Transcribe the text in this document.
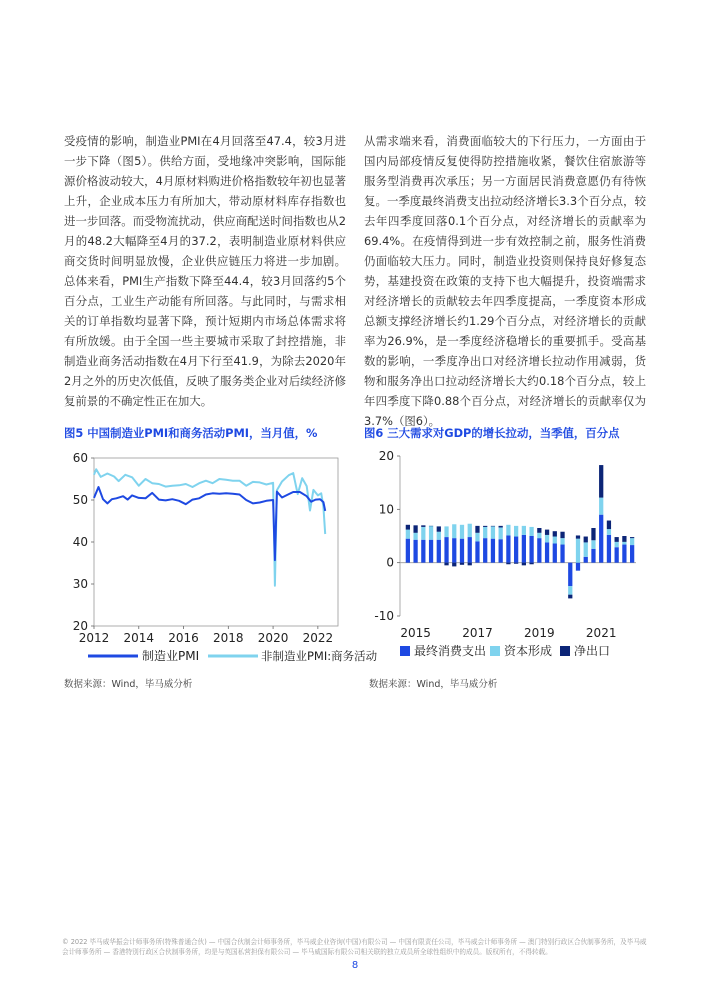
受疫情的影响，制造业PMI在4月回落至47.4，较3月进一步下降（图5）。供给方面，受地缘冲突影响，国际能源价格波动较大，4月原材料购进价格指数较年初也显著上升，企业成本压力有所加大，带动原材料库存指数也进一步回落。而受物流扰动，供应商配送时间指数也从2月的48.2大幅降至4月的37.2，表明制造业原材料供应商交货时间明显放慢，企业供应链压力将进一步加剧。总体来看，PMI生产指数下降至44.4，较3月回落约5个百分点，工业生产动能有所回落。与此同时，与需求相关的订单指数均显著下降，预计短期内市场总体需求将有所放缓。由于全国一些主要城市采取了封控措施，非制造业商务活动指数在4月下行至41.9，为除去2020年2月之外的历史次低值，反映了服务类企业对后续经济修复前景的不确定性正在加大。
从需求端来看，消费面临较大的下行压力，一方面由于国内局部疫情反复使得防控措施收紧，餐饮住宿旅游等服务型消费再次承压；另一方面居民消费意愿仍有待恢复。一季度最终消费支出拉动经济增长3.3个百分点，较去年四季度回落0.1个百分点，对经济增长的贡献率为69.4%。在疫情得到进一步有效控制之前，服务性消费仍面临较大压力。同时，制造业投资则保持良好修复态势，基建投资在政策的支持下也大幅提升，投资端需求对经济增长的贡献较去年四季度提高，一季度资本形成总额支撑经济增长约1.29个百分点，对经济增长的贡献率为26.9%，是一季度经济稳增长的重要抓手。受高基数的影响，一季度净出口对经济增长拉动作用减弱，货物和服务净出口拉动经济增长大约0.18个百分点，较上年四季度下降0.88个百分点，对经济增长的贡献率仅为3.7%（图6）。
图5 中国制造业PMI和商务活动PMI，当月值，%	图6 三大需求对GDP的增长拉动，当季值，百分点
20
30
40
50
60
2012 2014 2016 2018 2020 2022
制造业PMI	非制造业PMI:商务活动
-10
0
10
20
2015	2017	2019	2021
最终消费支出 资本形成 净出口
数据来源：Wind，毕马威分析	数据来源：Wind，毕马威分析
© 2022 毕马威华振会计师事务所(特殊普通合伙) — 中国合伙制会计师事务所，毕马威企业咨询(中国)有限公司 — 中国有限责任公司，毕马威会计师事务所 — 澳门特别行政区合伙制事务所，及毕马威会计师事务所 — 香港特别行政区合伙制事务所，均是与英国私营担保有限公司 — 毕马威国际有限公司相关联的独立成员所全球性组织中的成员。版权所有，不得转载。
8
